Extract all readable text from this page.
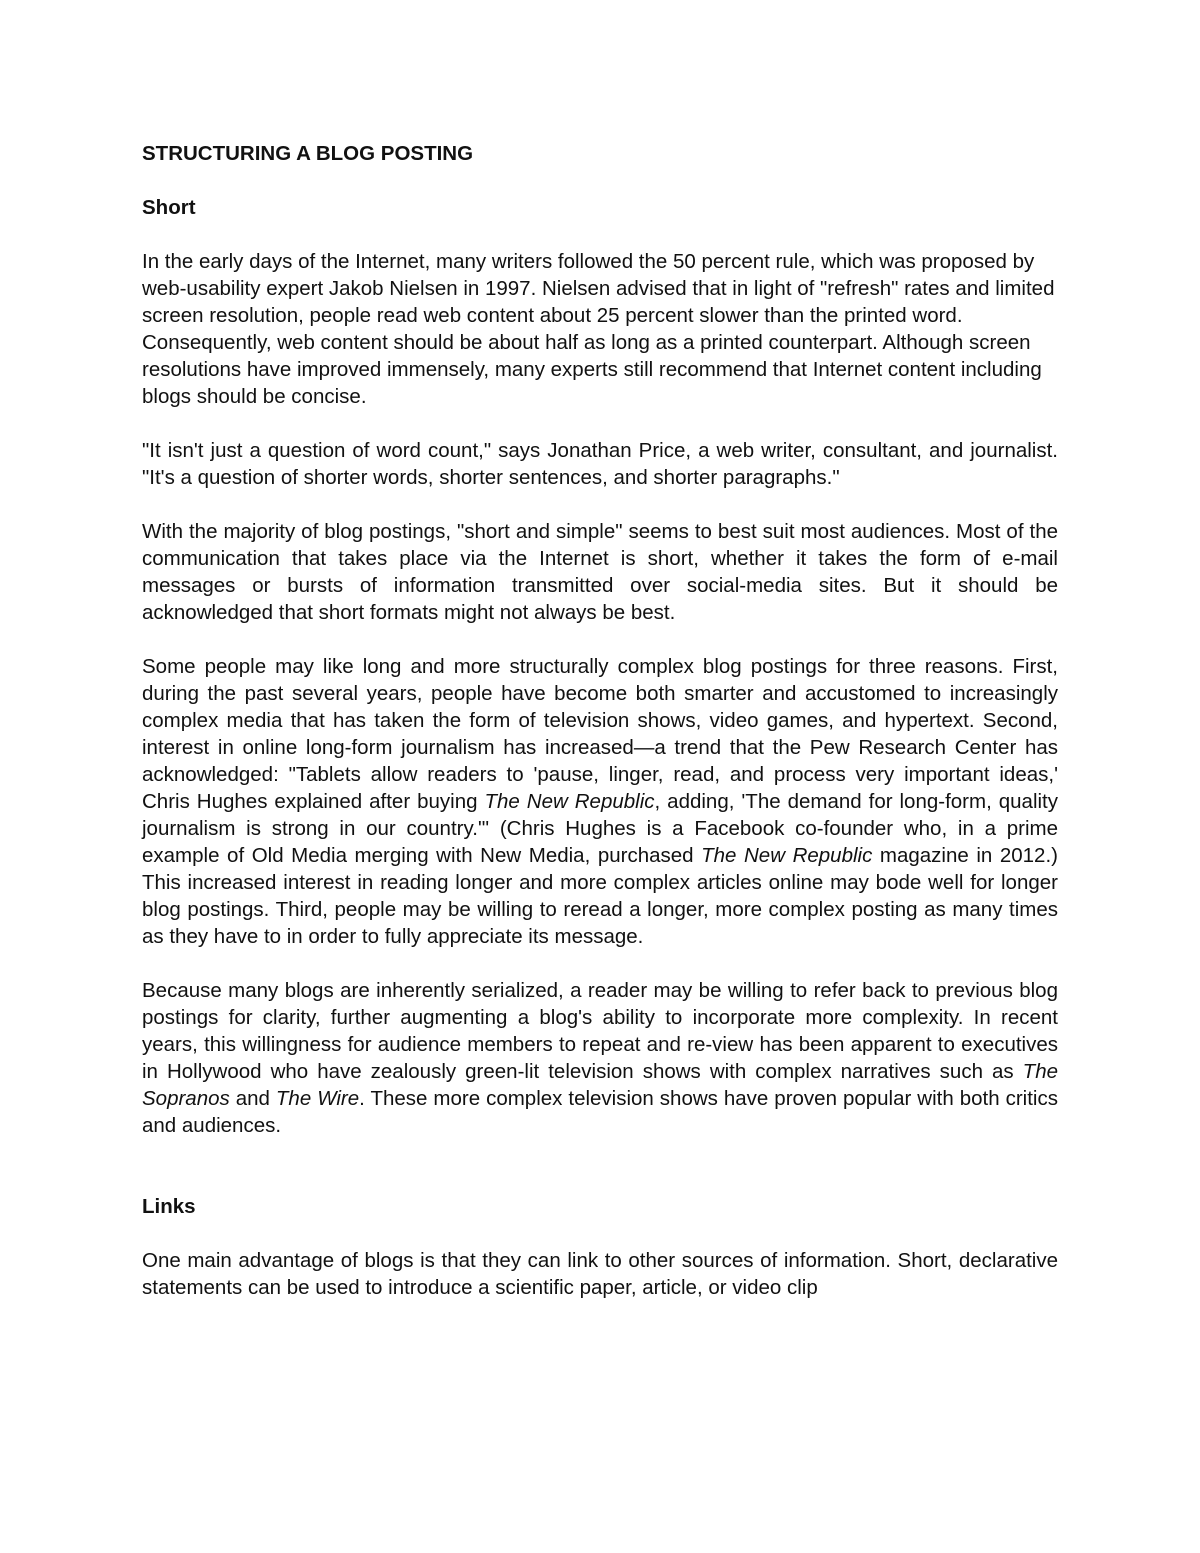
STRUCTURING A BLOG POSTING
Short

In the early days of the Internet, many writers followed the 50 percent rule, which was proposed by web-usability expert Jakob Nielsen in 1997. Nielsen advised that in light of "refresh" rates and limited screen resolution, people read web content about 25 percent slower than the printed word. Consequently, web content should be about half as long as a printed counterpart. Although screen resolutions have improved immensely, many experts still recommend that Internet content including blogs should be concise.

"It isn't just a question of word count," says Jonathan Price, a web writer, consultant, and journalist. "It's a question of shorter words, shorter sentences, and shorter paragraphs."

With the majority of blog postings, "short and simple" seems to best suit most audiences. Most of the communication that takes place via the Internet is short, whether it takes the form of e-mail messages or bursts of information transmitted over social-media sites. But it should be acknowledged that short formats might not always be best.

Some people may like long and more structurally complex blog postings for three reasons. First, during the past several years, people have become both smarter and accustomed to increasingly complex media that has taken the form of television shows, video games, and hypertext. Second, interest in online long-form journalism has increased—a trend that the Pew Research Center has acknowledged: "Tablets allow readers to 'pause, linger, read, and process very important ideas,' Chris Hughes explained after buying The New Republic, adding, 'The demand for long-form, quality journalism is strong in our country.'" (Chris Hughes is a Facebook co-founder who, in a prime example of Old Media merging with New Media, purchased The New Republic magazine in 2012.) This increased interest in reading longer and more complex articles online may bode well for longer blog postings. Third, people may be willing to reread a longer, more complex posting as many times as they have to in order to fully appreciate its message.

Because many blogs are inherently serialized, a reader may be willing to refer back to previous blog postings for clarity, further augmenting a blog's ability to incorporate more complexity. In recent years, this willingness for audience members to repeat and re-view has been apparent to executives in Hollywood who have zealously green-lit television shows with complex narratives such as The Sopranos and The Wire. These more complex television shows have proven popular with both critics and audiences.

Links

One main advantage of blogs is that they can link to other sources of information. Short, declarative statements can be used to introduce a scientific paper, article, or video clip
